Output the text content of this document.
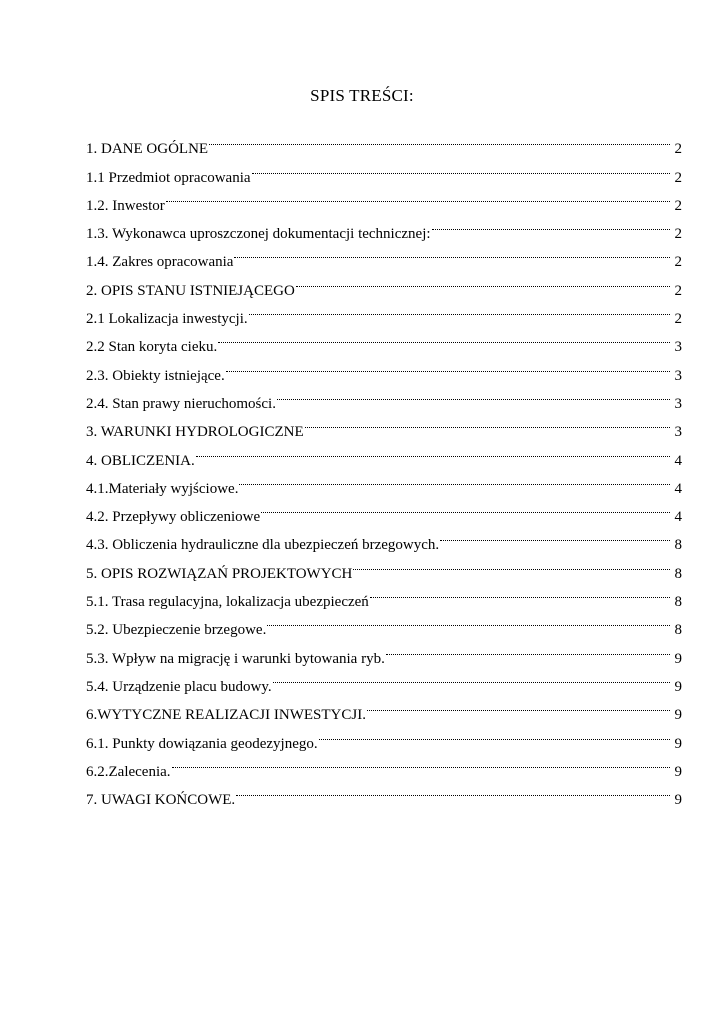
SPIS TREŚCI:
1. DANE OGÓLNE	2
1.1 Przedmiot opracowania	2
1.2. Inwestor	2
1.3. Wykonawca uproszczonej dokumentacji technicznej:	2
1.4. Zakres opracowania	2
2. OPIS STANU ISTNIEJĄCEGO	2
2.1 Lokalizacja inwestycji.	2
2.2 Stan koryta cieku.	3
2.3. Obiekty istniejące.	3
2.4. Stan prawy nieruchomości.	3
3. WARUNKI HYDROLOGICZNE	3
4. OBLICZENIA.	4
4.1.Materiały wyjściowe.	4
4.2. Przepływy obliczeniowe	4
4.3. Obliczenia hydrauliczne dla ubezpieczeń brzegowych.	8
5. OPIS ROZWIĄZAŃ PROJEKTOWYCH	8
5.1. Trasa regulacyjna, lokalizacja ubezpieczeń	8
5.2. Ubezpieczenie brzegowe.	8
5.3. Wpływ na migrację i warunki bytowania ryb.	9
5.4. Urządzenie placu budowy.	9
6.WYTYCZNE REALIZACJI INWESTYCJI.	9
6.1. Punkty dowiązania geodezyjnego.	9
6.2.Zalecenia.	9
7. UWAGI KOŃCOWE.	9
